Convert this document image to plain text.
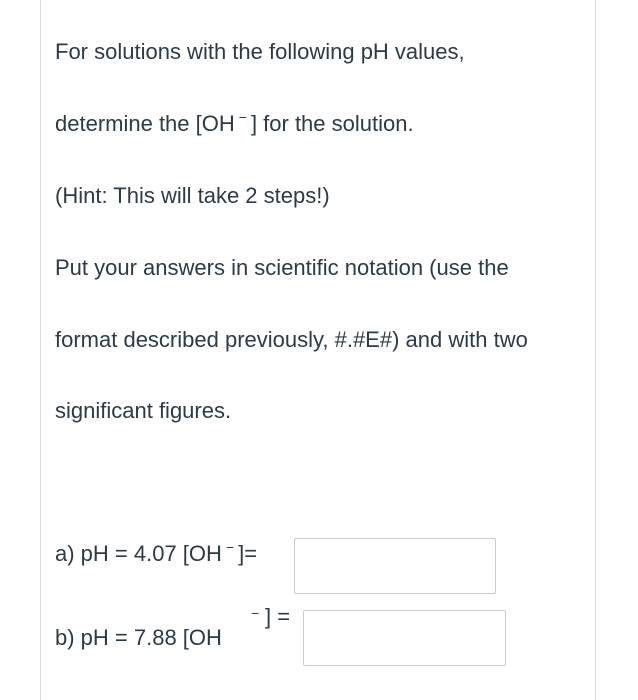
For solutions with the following pH values,
determine the [OH − ] for the solution.
(Hint: This will take 2 steps!)
Put your answers in scientific notation (use the
format described previously, #.#E#) and with two
significant figures.
a) pH = 4.07 [OH − ]=
b) pH = 7.88 [OH
− ] =
